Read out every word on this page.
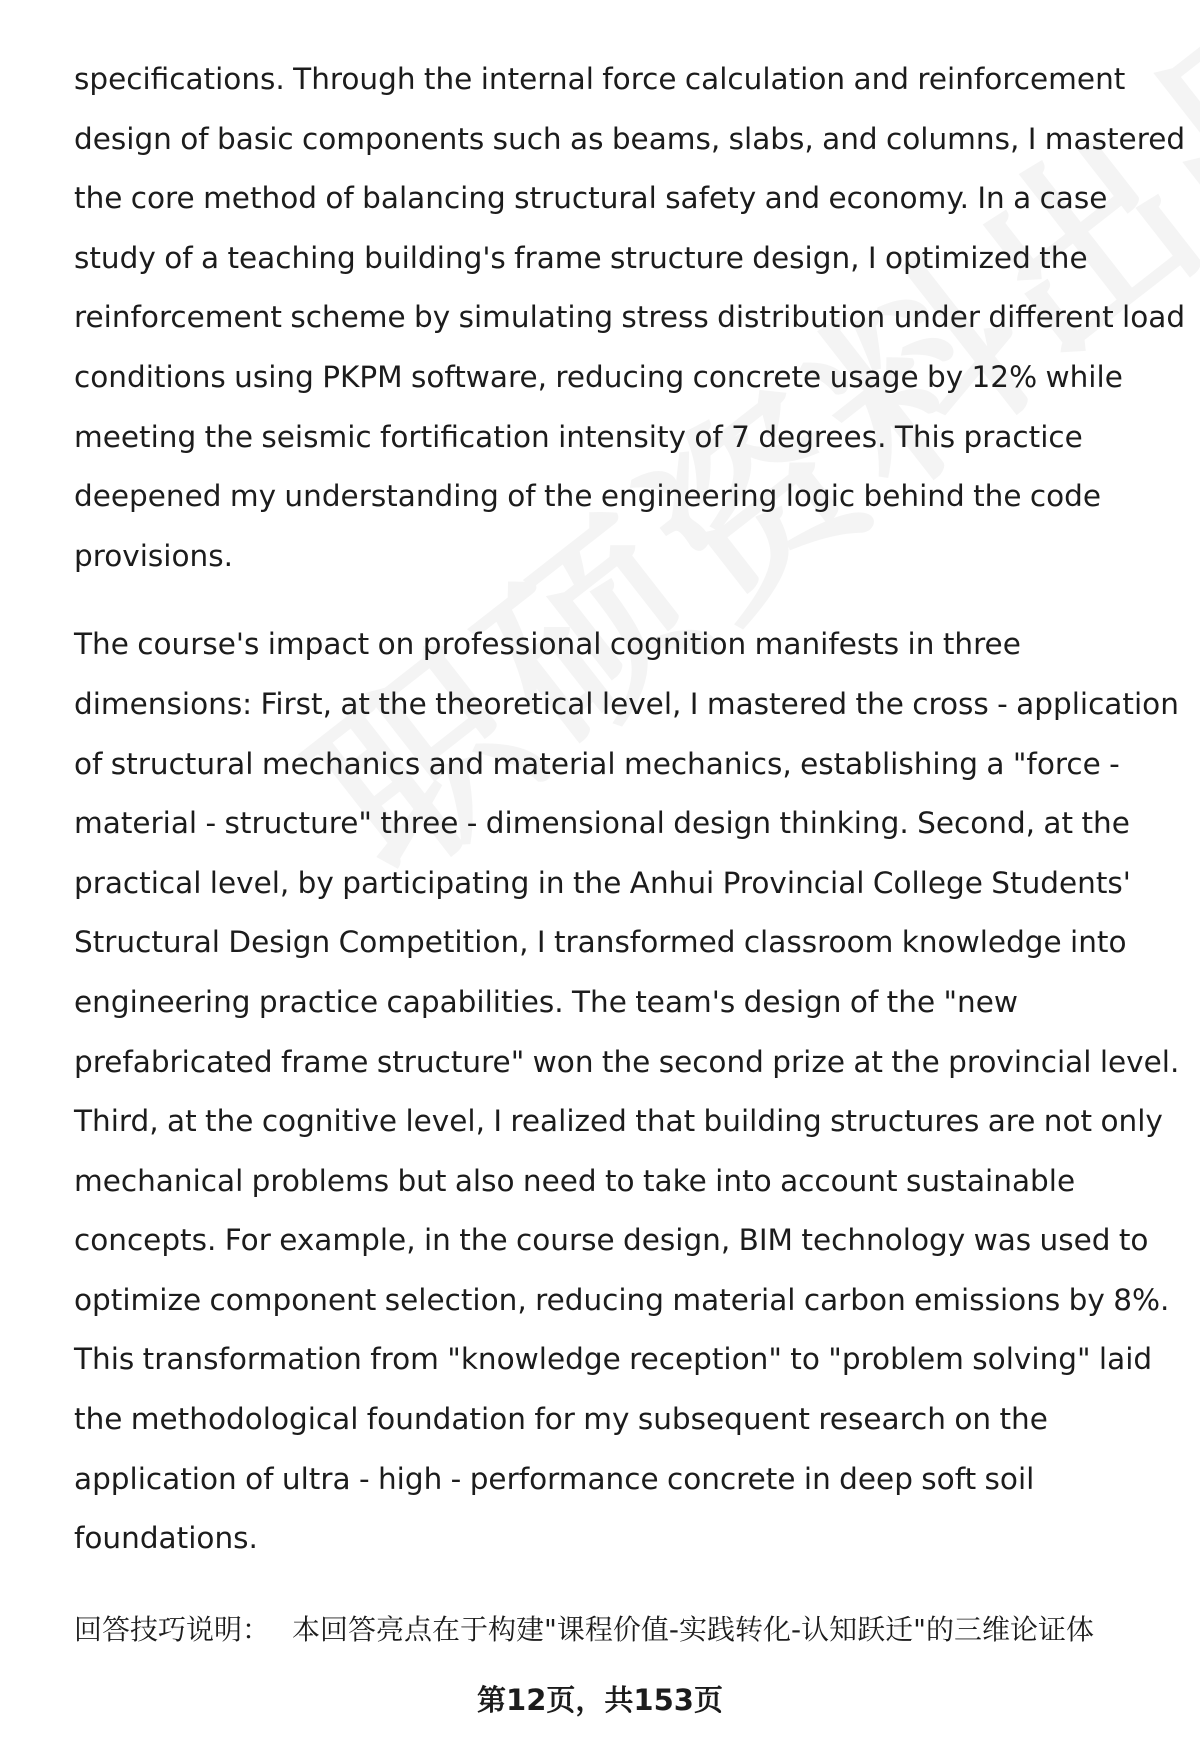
specifications. Through the internal force calculation and reinforcement
design of basic components such as beams, slabs, and columns, I mastered
the core method of balancing structural safety and economy. In a case
study of a teaching building's frame structure design, I optimized the
reinforcement scheme by simulating stress distribution under different load
conditions using PKPM software, reducing concrete usage by 12% while
meeting the seismic fortification intensity of 7 degrees. This practice
deepened my understanding of the engineering logic behind the code
provisions.

The course's impact on professional cognition manifests in three
dimensions: First, at the theoretical level, I mastered the cross - application
of structural mechanics and material mechanics, establishing a "force -
material - structure" three - dimensional design thinking. Second, at the
practical level, by participating in the Anhui Provincial College Students'
Structural Design Competition, I transformed classroom knowledge into
engineering practice capabilities. The team's design of the "new
prefabricated frame structure" won the second prize at the provincial level.
Third, at the cognitive level, I realized that building structures are not only
mechanical problems but also need to take into account sustainable
concepts. For example, in the course design, BIM technology was used to
optimize component selection, reducing material carbon emissions by 8%.
This transformation from "knowledge reception" to "problem solving" laid
the methodological foundation for my subsequent research on the
application of ultra - high - performance concrete in deep soft soil
foundations.

回答技巧说明： 本回答亮点在于构建"课程价值-实践转化-认知跃迁"的三维论证体
第12页，共153页
